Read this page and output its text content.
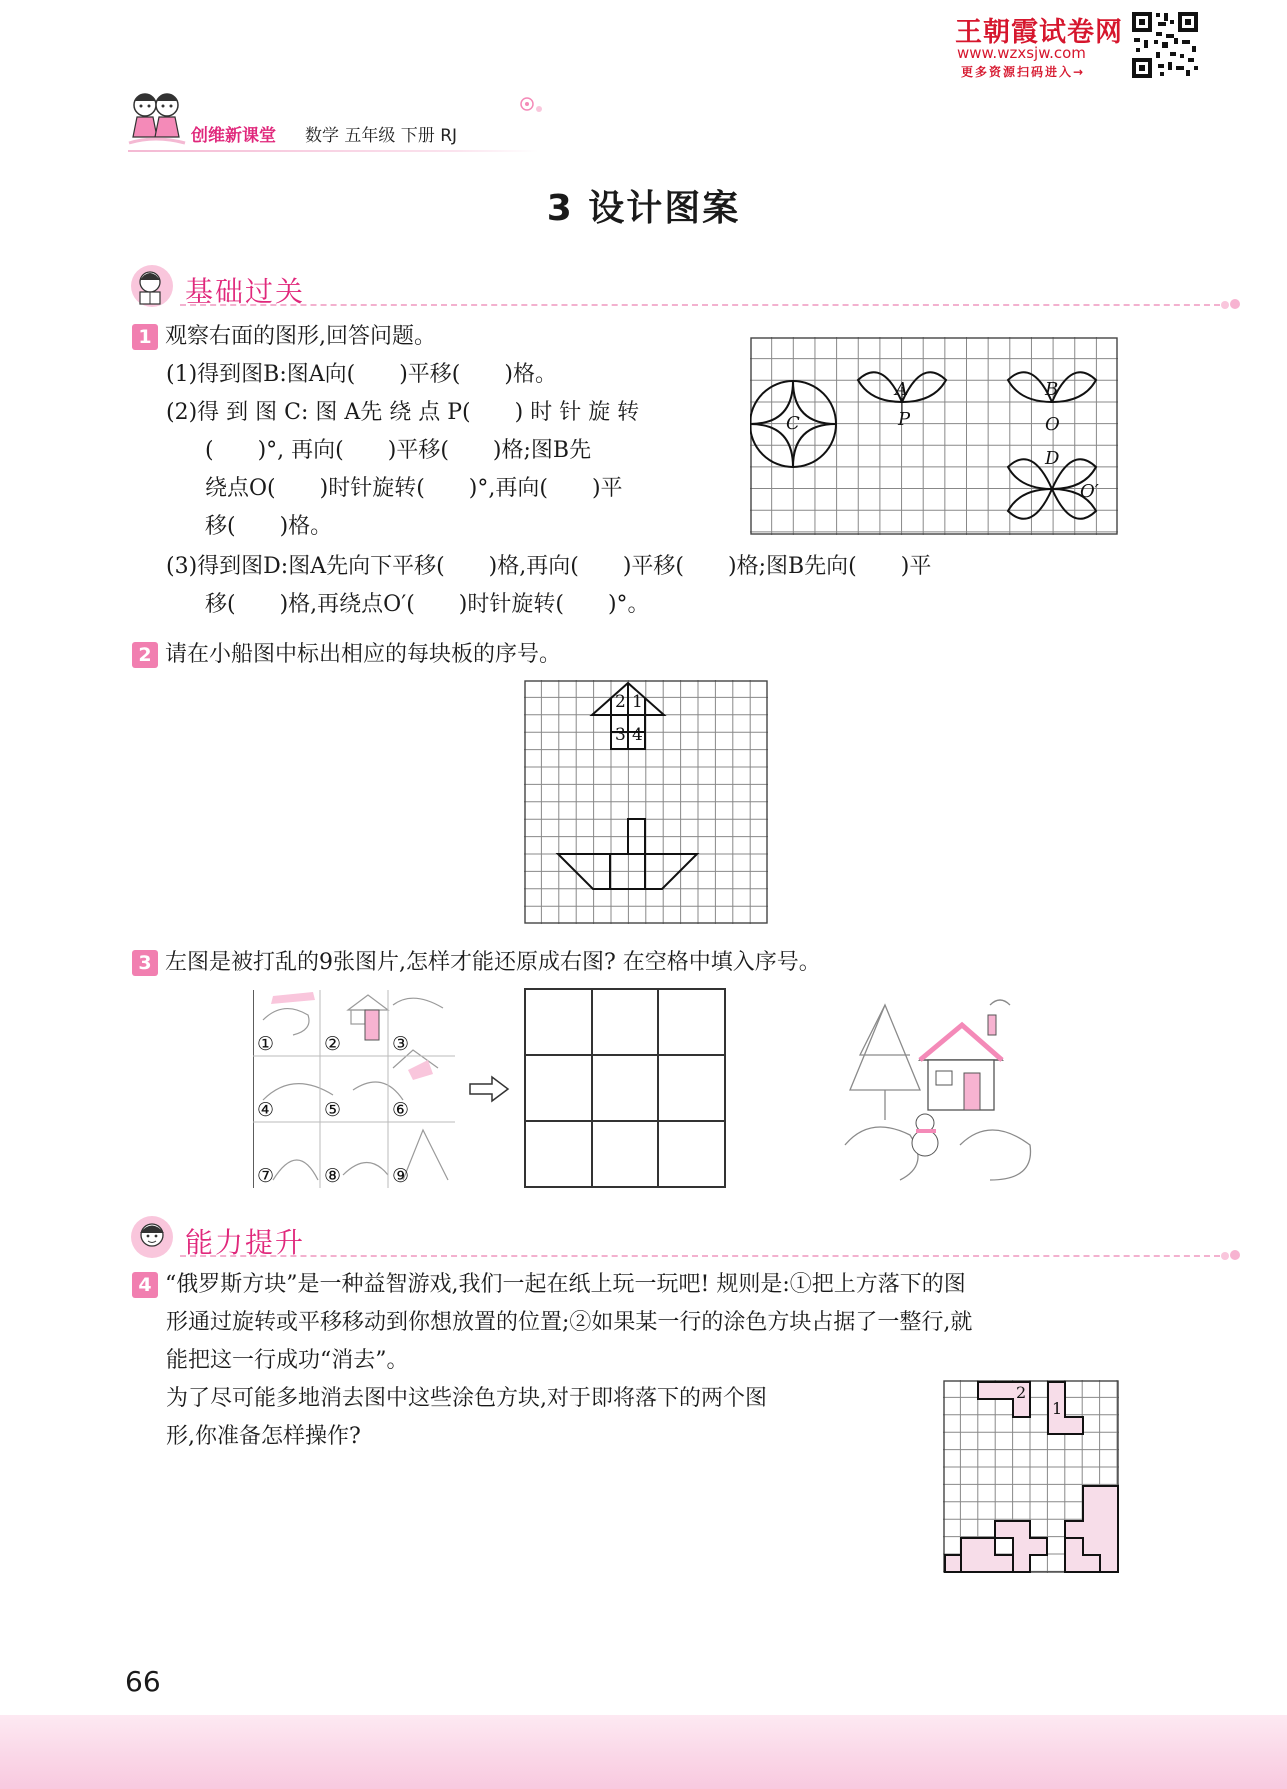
王朝霞试卷网
www.wzxsjw.com
更多资源扫码进入→
创维新课堂 数学 五年级 下册 RJ
3 设计图案
基础过关
1 观察右面的图形,回答问题。
(1)得到图B:图A向(　　)平移(　　)格。
(2)得 到 图 C: 图 A先 绕 点 P(　　) 时 针 旋 转
(　　)°, 再向(　　)平移(　　)格;图B先
绕点O(　　)时针旋转(　　)°,再向(　　)平
移(　　)格。
(3)得到图D:图A先向下平移(　　)格,再向(　　)平移(　　)格;图B先向(　　)平
移(　　)格,再绕点O′(　　)时针旋转(　　)°。
A
P
C
B
O
D
O′
2 请在小船图中标出相应的每块板的序号。
1
2
3 4
3 左图是被打乱的9张图片,怎样才能还原成右图? 在空格中填入序号。
①	②	③
④	⑤	⑥
⑦	⑧	⑨
能力提升
4 “俄罗斯方块”是一种益智游戏,我们一起在纸上玩一玩吧! 规则是:①把上方落下的图
形通过旋转或平移移动到你想放置的位置;②如果某一行的涂色方块占据了一整行,就
能把这一行成功“消去”。
为了尽可能多地消去图中这些涂色方块,对于即将落下的两个图
形,你准备怎样操作?
2
1
66
